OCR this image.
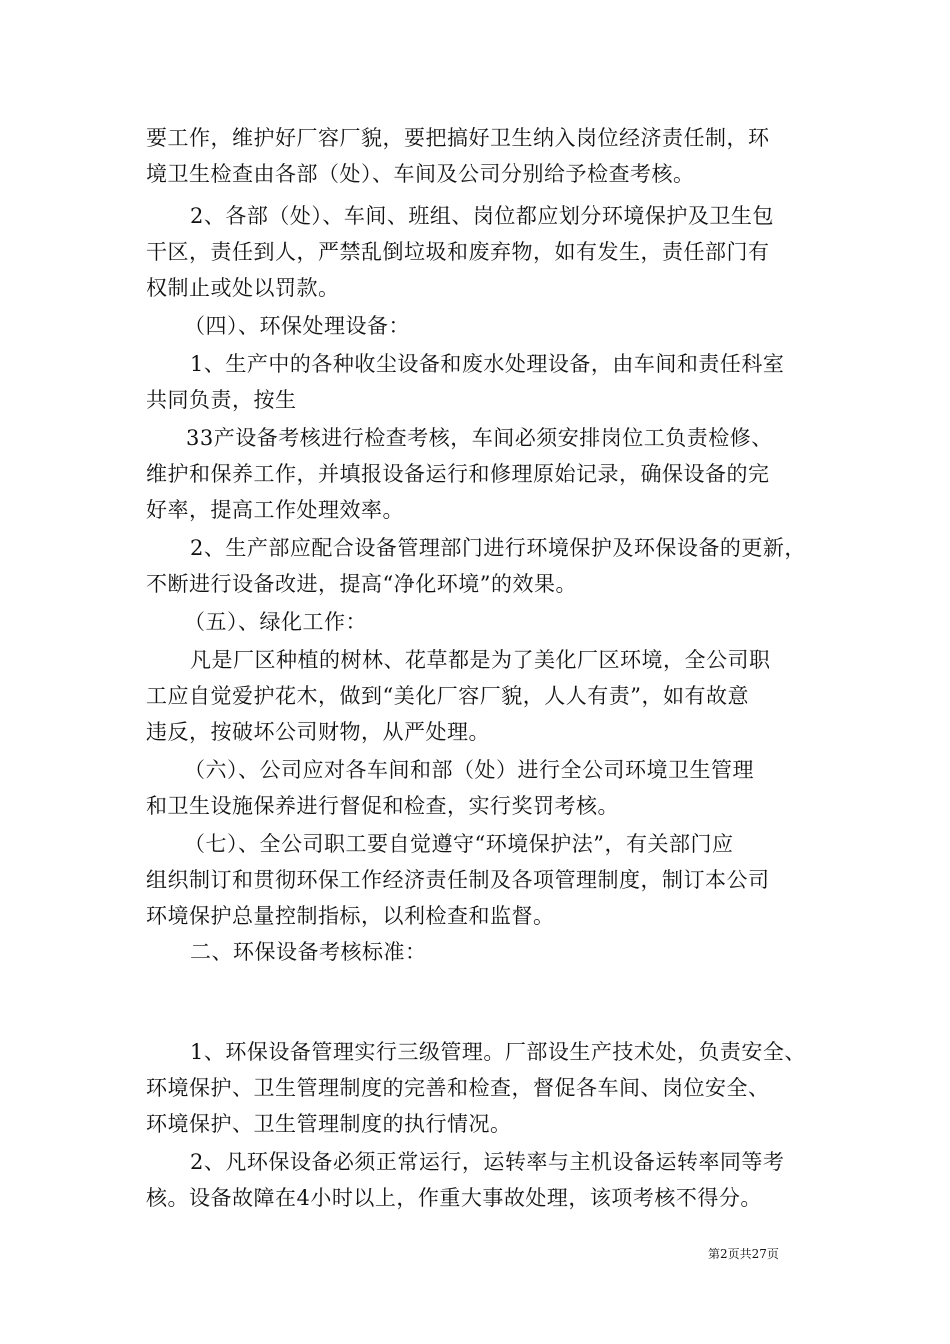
要工作，维护好厂容厂貌，要把搞好卫生纳入岗位经济责任制，环
境卫生检查由各部（处）、车间及公司分别给予检查考核。
2、各部（处）、车间、班组、岗位都应划分环境保护及卫生包
干区，责任到人，严禁乱倒垃圾和废弃物，如有发生，责任部门有
权制止或处以罚款。
（四）、环保处理设备：
1、生产中的各种收尘设备和废水处理设备，由车间和责任科室
共同负责，按生
33产设备考核进行检查考核，车间必须安排岗位工负责检修、
维护和保养工作，并填报设备运行和修理原始记录，确保设备的完
好率，提高工作处理效率。
2、生产部应配合设备管理部门进行环境保护及环保设备的更新，
不断进行设备改进，提高“净化环境”的效果。
（五）、绿化工作：
凡是厂区种植的树林、花草都是为了美化厂区环境，全公司职
工应自觉爱护花木，做到“美化厂容厂貌，人人有责”，如有故意
违反，按破坏公司财物，从严处理。
（六）、公司应对各车间和部（处）进行全公司环境卫生管理
和卫生设施保养进行督促和检查，实行奖罚考核。
（七）、全公司职工要自觉遵守“环境保护法”，有关部门应
组织制订和贯彻环保工作经济责任制及各项管理制度，制订本公司
环境保护总量控制指标，以利检查和监督。
二、环保设备考核标准：
1、环保设备管理实行三级管理。厂部设生产技术处，负责安全、
环境保护、卫生管理制度的完善和检查，督促各车间、岗位安全、
环境保护、卫生管理制度的执行情况。
2、凡环保设备必须正常运行，运转率与主机设备运转率同等考
核。设备故障在4小时以上，作重大事故处理，该项考核不得分。
第2页共27页
